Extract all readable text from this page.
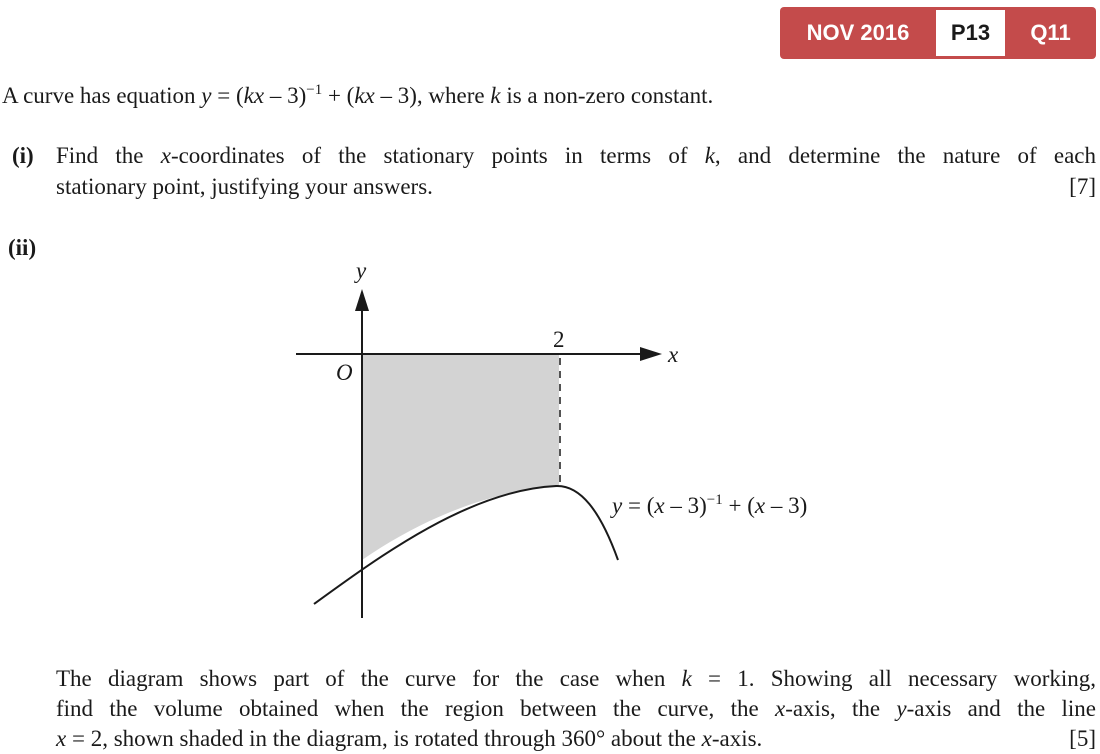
NOV 2016	P13	Q11
A curve has equation y = (kx – 3)$^{-1}$ + (kx – 3), where k is a non-zero constant.
(i) Find the x-coordinates of the stationary points in terms of k, and determine the nature of each
stationary point, justifying your answers.	[7]
(ii)
y
x
O
2
y = (x – 3)$^{-1}$ + (x – 3)
The diagram shows part of the curve for the case when k = 1. Showing all necessary working,
find the volume obtained when the region between the curve, the x-axis, the y-axis and the line
x = 2, shown shaded in the diagram, is rotated through 360° about the x-axis.	[5]
